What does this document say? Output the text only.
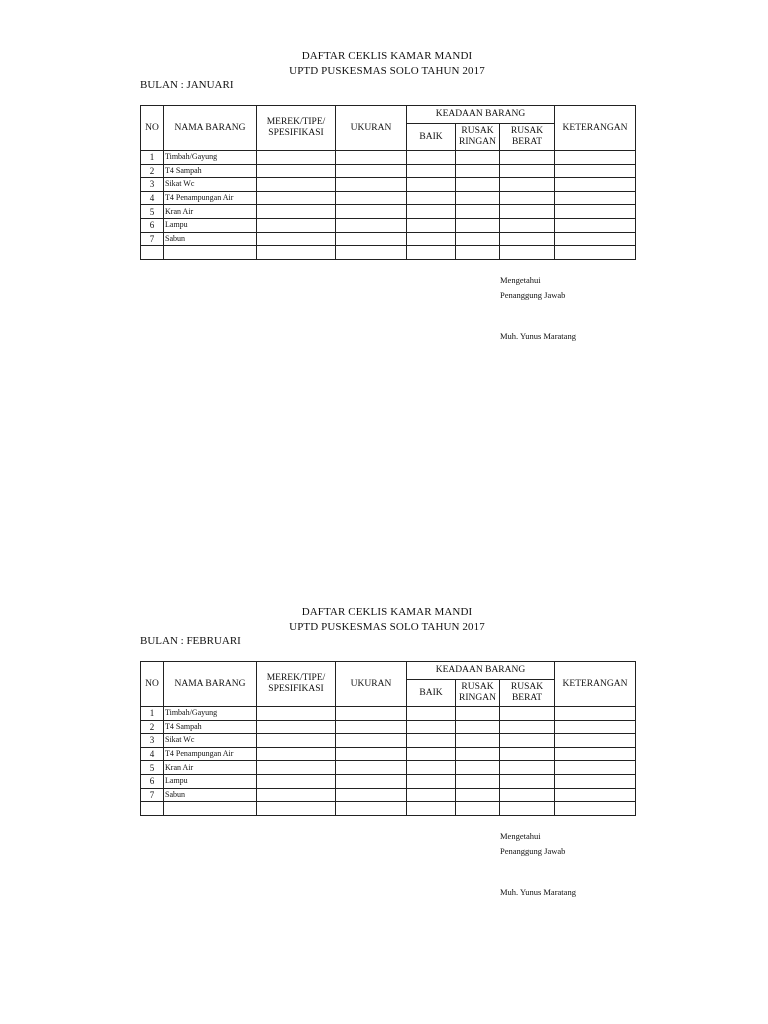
DAFTAR CEKLIS KAMAR MANDI
UPTD PUSKESMAS SOLO TAHUN 2017
BULAN : JANUARI
NO	NAMA BARANG	MEREK/TIPE/ SPESIFIKASI	UKURAN	KEADAAN BARANG			KETERANGAN
				BAIK	RUSAK RINGAN	RUSAK BERAT	
1	Timbah/Gayung						
2	T4 Sampah						
3	Sikat Wc						
4	T4 Penampungan Air						
5	Kran Air						
6	Lampu						
7	Sabun						

Mengetahui
Penanggung Jawab
Muh. Yunus Maratang
DAFTAR CEKLIS KAMAR MANDI
UPTD PUSKESMAS SOLO TAHUN 2017
BULAN : FEBRUARI
NO	NAMA BARANG	MEREK/TIPE/ SPESIFIKASI	UKURAN	KEADAAN BARANG			KETERANGAN
				BAIK	RUSAK RINGAN	RUSAK BERAT	
1	Timbah/Gayung						
2	T4 Sampah						
3	Sikat Wc						
4	T4 Penampungan Air						
5	Kran Air						
6	Lampu						
7	Sabun						

Mengetahui
Penanggung Jawab
Muh. Yunus Maratang
